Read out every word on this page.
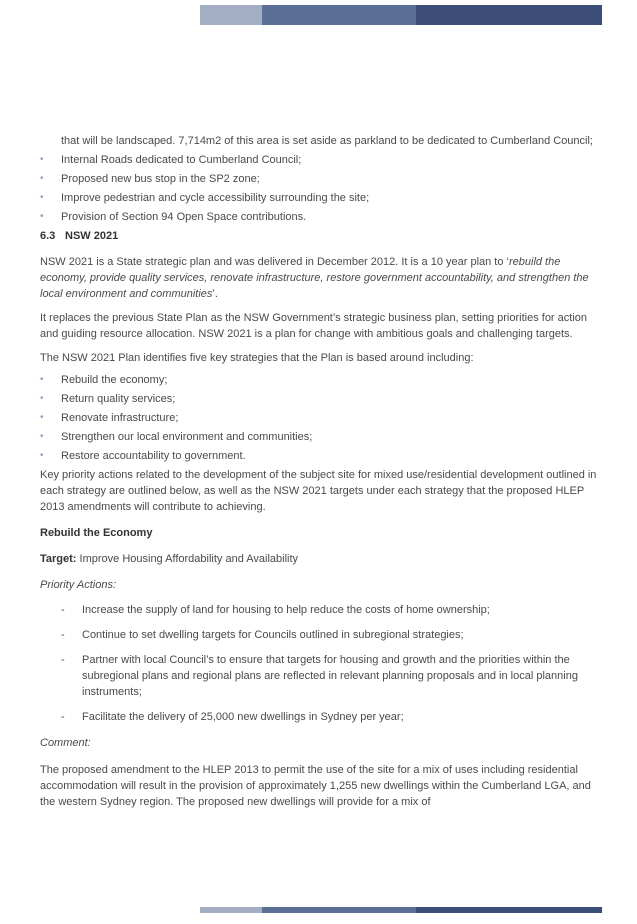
that will be landscaped. 7,714m2 of this area is set aside as parkland to be dedicated to Cumberland Council;

• Internal Roads dedicated to Cumberland Council;
• Proposed new bus stop in the SP2 zone;
• Improve pedestrian and cycle accessibility surrounding the site;
• Provision of Section 94 Open Space contributions.

6.3 NSW 2021

NSW 2021 is a State strategic plan and was delivered in December 2012. It is a 10 year plan to ‘rebuild the economy, provide quality services, renovate infrastructure, restore government accountability, and strengthen the local environment and communities’.

It replaces the previous State Plan as the NSW Government’s strategic business plan, setting priorities for action and guiding resource allocation. NSW 2021 is a plan for change with ambitious goals and challenging targets.

The NSW 2021 Plan identifies five key strategies that the Plan is based around including:

• Rebuild the economy;
• Return quality services;
• Renovate infrastructure;
• Strengthen our local environment and communities;
• Restore accountability to government.

Key priority actions related to the development of the subject site for mixed use/residential development outlined in each strategy are outlined below, as well as the NSW 2021 targets under each strategy that the proposed HLEP 2013 amendments will contribute to achieving.

Rebuild the Economy

Target: Improve Housing Affordability and Availability

Priority Actions:

- Increase the supply of land for housing to help reduce the costs of home ownership;
- Continue to set dwelling targets for Councils outlined in subregional strategies;
- Partner with local Council’s to ensure that targets for housing and growth and the priorities within the subregional plans and regional plans are reflected in relevant planning proposals and in local planning instruments;
- Facilitate the delivery of 25,000 new dwellings in Sydney per year;

Comment:

The proposed amendment to the HLEP 2013 to permit the use of the site for a mix of uses including residential accommodation will result in the provision of approximately 1,255 new dwellings within the Cumberland LGA, and the western Sydney region. The proposed new dwellings will provide for a mix of
